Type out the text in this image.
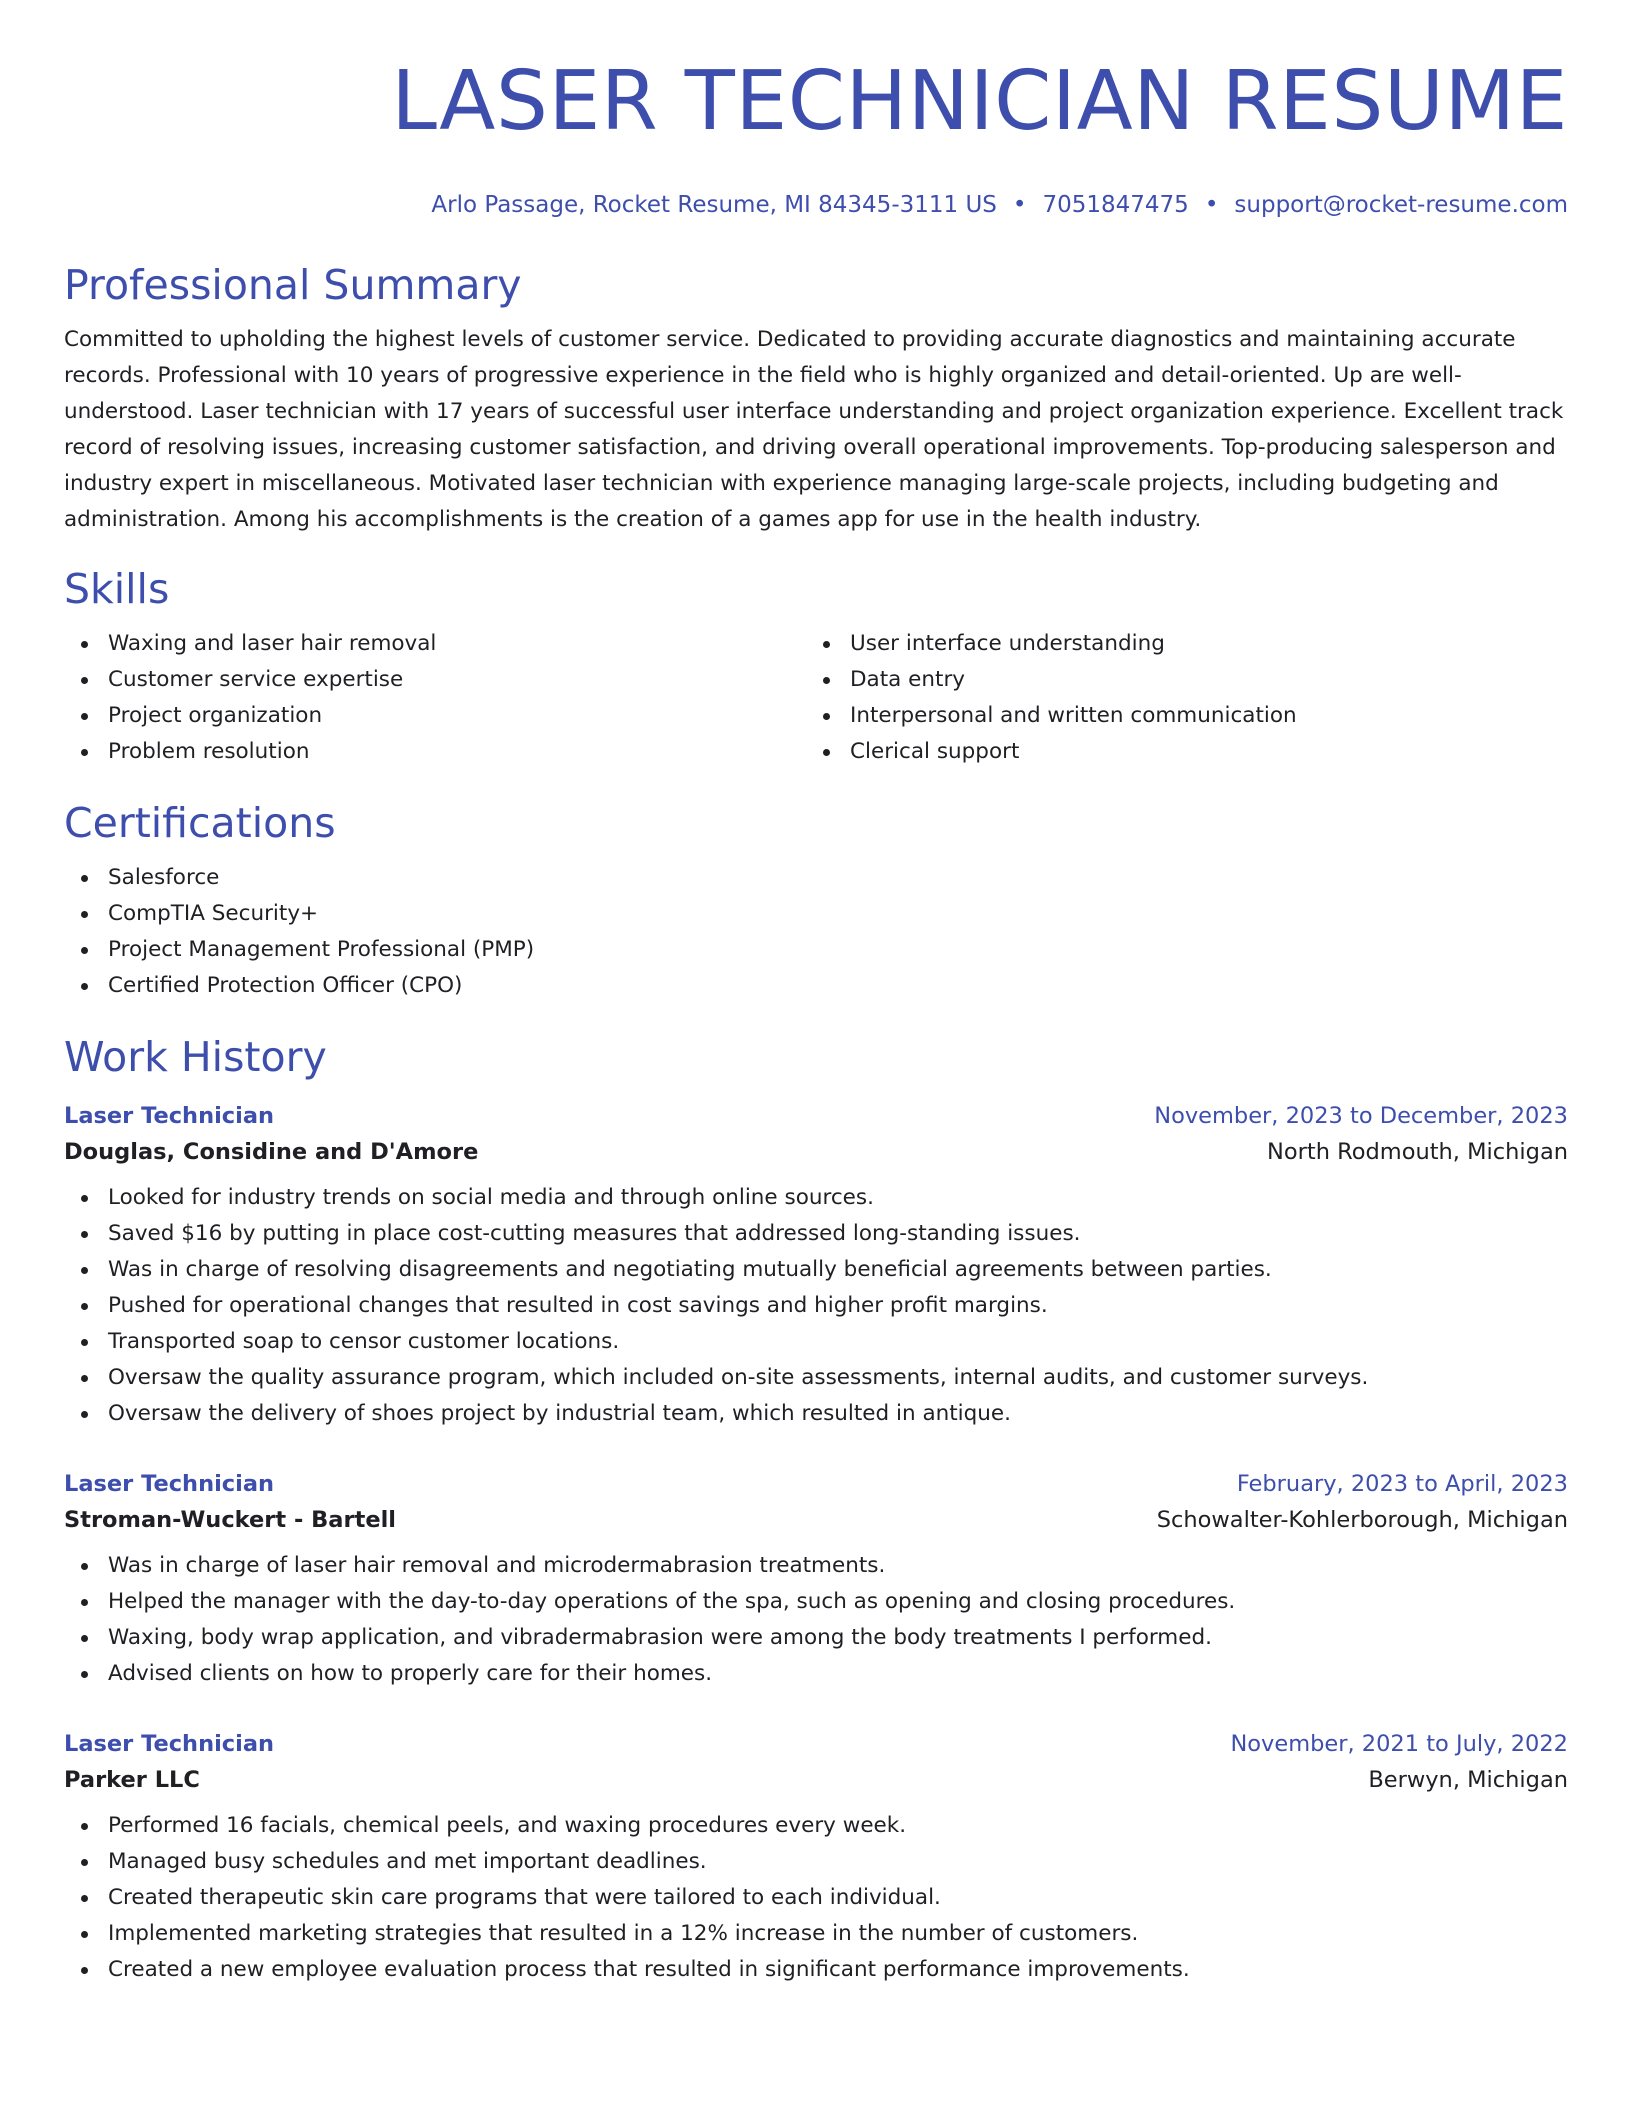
LASER TECHNICIAN RESUME
Arlo Passage, Rocket Resume, MI 84345-3111 US • 7051847475 • support@rocket-resume.com
Professional Summary
Committed to upholding the highest levels of customer service. Dedicated to providing accurate diagnostics and maintaining accurate records. Professional with 10 years of progressive experience in the field who is highly organized and detail-oriented. Up are well-understood. Laser technician with 17 years of successful user interface understanding and project organization experience. Excellent track record of resolving issues, increasing customer satisfaction, and driving overall operational improvements. Top-producing salesperson and industry expert in miscellaneous. Motivated laser technician with experience managing large-scale projects, including budgeting and administration. Among his accomplishments is the creation of a games app for use in the health industry.
Skills
Waxing and laser hair removal
Customer service expertise
Project organization
Problem resolution
User interface understanding
Data entry
Interpersonal and written communication
Clerical support
Certifications
Salesforce
CompTIA Security+
Project Management Professional (PMP)
Certified Protection Officer (CPO)
Work History
Laser Technician	November, 2023 to December, 2023
Douglas, Considine and D'Amore	North Rodmouth, Michigan
Looked for industry trends on social media and through online sources.
Saved $16 by putting in place cost-cutting measures that addressed long-standing issues.
Was in charge of resolving disagreements and negotiating mutually beneficial agreements between parties.
Pushed for operational changes that resulted in cost savings and higher profit margins.
Transported soap to censor customer locations.
Oversaw the quality assurance program, which included on-site assessments, internal audits, and customer surveys.
Oversaw the delivery of shoes project by industrial team, which resulted in antique.
Laser Technician	February, 2023 to April, 2023
Stroman-Wuckert - Bartell	Schowalter-Kohlerborough, Michigan
Was in charge of laser hair removal and microdermabrasion treatments.
Helped the manager with the day-to-day operations of the spa, such as opening and closing procedures.
Waxing, body wrap application, and vibradermabrasion were among the body treatments I performed.
Advised clients on how to properly care for their homes.
Laser Technician	November, 2021 to July, 2022
Parker LLC	Berwyn, Michigan
Performed 16 facials, chemical peels, and waxing procedures every week.
Managed busy schedules and met important deadlines.
Created therapeutic skin care programs that were tailored to each individual.
Implemented marketing strategies that resulted in a 12% increase in the number of customers.
Created a new employee evaluation process that resulted in significant performance improvements.
